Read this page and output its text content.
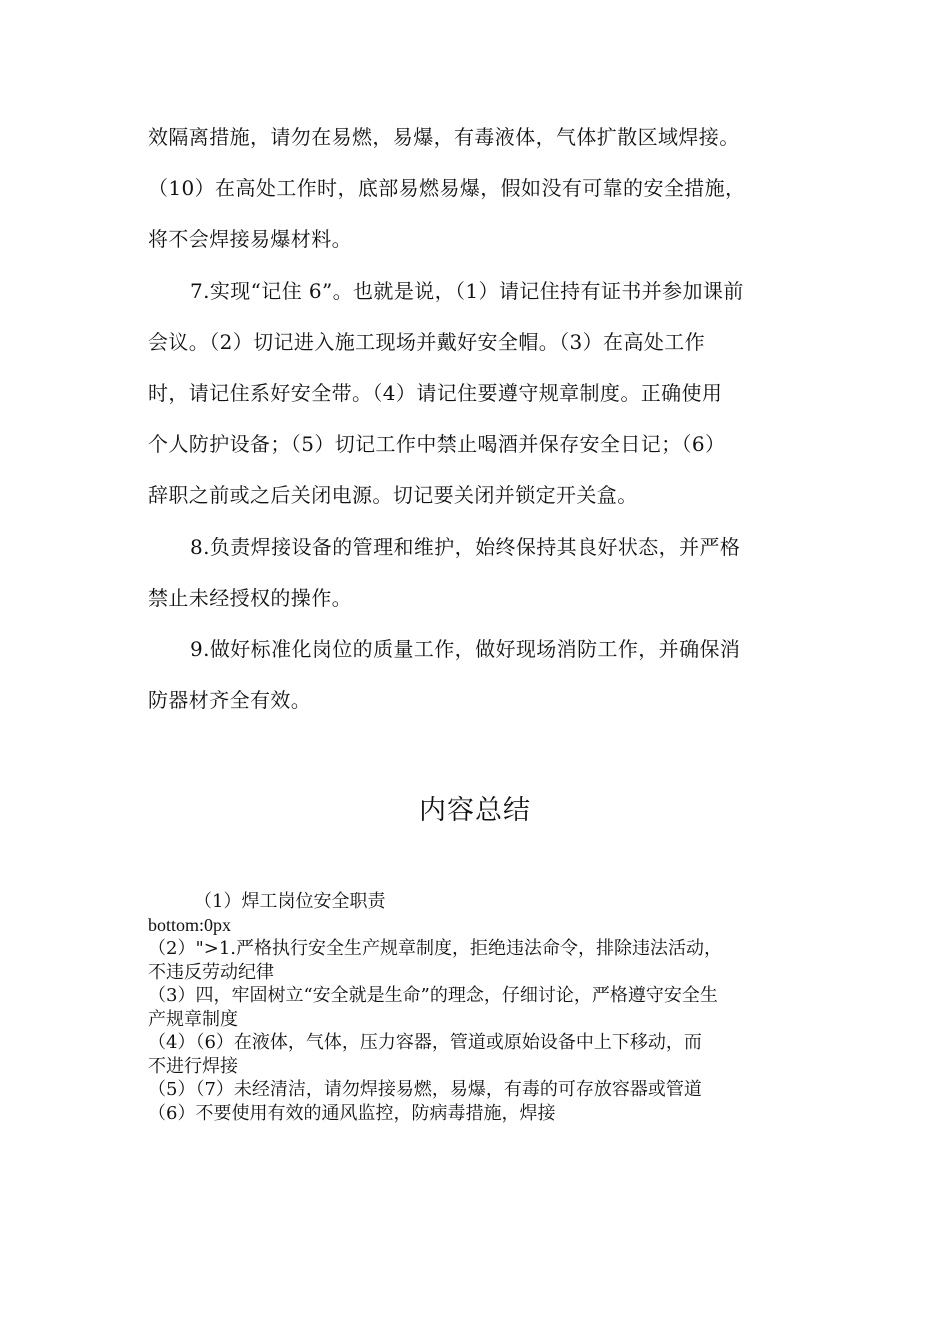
效隔离措施，请勿在易燃，易爆，有毒液体，气体扩散区域焊接。
（10）在高处工作时，底部易燃易爆，假如没有可靠的安全措施，
将不会焊接易爆材料。
7.实现“记住 6”。也就是说，（1）请记住持有证书并参加课前
会议。（2）切记进入施工现场并戴好安全帽。（3）在高处工作
时，请记住系好安全带。（4）请记住要遵守规章制度。正确使用
个人防护设备；（5）切记工作中禁止喝酒并保存安全日记；（6）
辞职之前或之后关闭电源。切记要关闭并锁定开关盒。
8.负责焊接设备的管理和维护，始终保持其良好状态，并严格
禁止未经授权的操作。
9.做好标准化岗位的质量工作，做好现场消防工作，并确保消
防器材齐全有效。
内容总结
（1）焊工岗位安全职责
bottom:0px
（2）">1.严格执行安全生产规章制度，拒绝违法命令，排除违法活动，
不违反劳动纪律
（3）四，牢固树立“安全就是生命”的理念，仔细讨论，严格遵守安全生
产规章制度
（4）（6）在液体，气体，压力容器，管道或原始设备中上下移动，而
不进行焊接
（5）（7）未经清洁，请勿焊接易燃，易爆，有毒的可存放容器或管道
（6）不要使用有效的通风监控，防病毒措施，焊接
